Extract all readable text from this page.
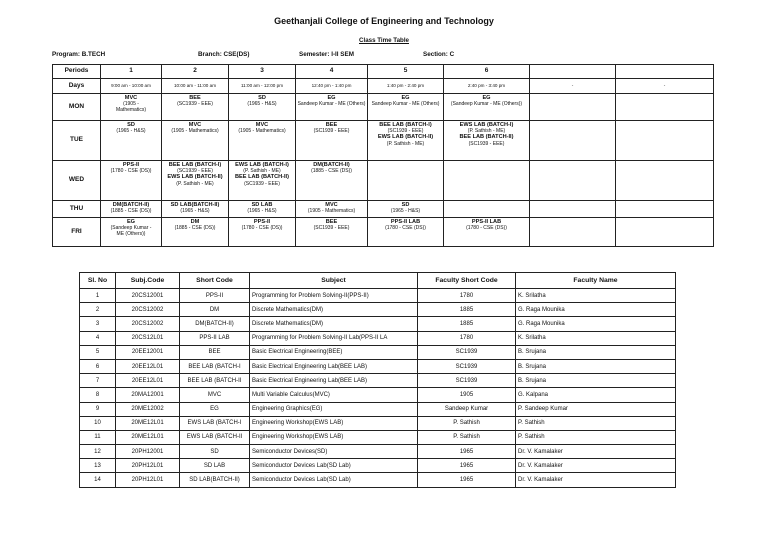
Geethanjali College of Engineering and Technology
Class Time Table
Program: B.TECH	Branch: CSE(DS)	Semester: I-II SEM	Section: C
Periods	1	2	3	4	5	6		
Days	9:00 am - 10:00 am	10:00 am - 11:00 am	11:00 am - 12:00 pm	12:40 pm - 1:40 pm	1:40 pm - 2:40 pm	2:40 pm - 3:40 pm	-	-
MON	MVC
(1905 -
Mathematics)	BEE
(SC1939 - EEE)	SD
(1965 - H&S)	EG
Sandeep Kumar - ME (Others)	EG
Sandeep Kumar - ME (Others)	EG
(Sandeep Kumar - ME (Others))		

TUE	SD
(1965 - H&S)	MVC
(1905 - Mathematics)	MVC
(1905 - Mathematics)	BEE
(SC1939 - EEE)	BEE LAB (BATCH-I)
(SC1939 - EEE)
EWS LAB (BATCH-II)
(P. Sathish - ME)	EWS LAB (BATCH-I)
(P. Sathish - ME)
BEE LAB (BATCH-II)
(SC1939 - EEE)		

WED	PPS-II
(1780 - CSE (DS))	BEE LAB (BATCH-I)
(SC1939 - EEE)
EWS LAB (BATCH-II)
(P. Sathish - ME)	EWS LAB (BATCH-I)
(P. Sathish - ME)
BEE LAB (BATCH-II)
(SC1939 - EEE)	DM(BATCH-II)
(1885 - CSE (DS))				

THU	DM(BATCH-II)
(1885 - CSE (DS))	SD LAB(BATCH-II)
(1965 - H&S)	SD LAB
(1965 - H&S)	MVC
(1905 - Mathematics)	SD
(1965 - H&S)			

FRI	EG
(Sandeep Kumar -
ME (Others))	DM
(1885 - CSE (DS))	PPS-II
(1780 - CSE (DS))	BEE
(SC1939 - EEE)	PPS-II LAB
(1780 - CSE (DS))	PPS-II LAB
(1780 - CSE (DS))		

Sl. No	Subj.Code	Short Code	Subject	Faculty Short Code	Faculty Name
1	20CS12001	PPS-II	Programming for Problem Solving-II(PPS-II)	1780	K. Srilatha
2	20CS12002	DM	Discrete Mathematics(DM)	1885	G. Raga Mounika
3	20CS12002	DM(BATCH-II)	Discrete Mathematics(DM)	1885	G. Raga Mounika
4	20CS12L01	PPS-II LAB	Programming for Problem Solving-II Lab(PPS-II LA	1780	K. Srilatha
5	20EE12001	BEE	Basic Electrical Engineering(BEE)	SC1939	B. Srujana
6	20EE12L01	BEE LAB (BATCH-I	Basic Electrical Engineering Lab(BEE LAB)	SC1939	B. Srujana
7	20EE12L01	BEE LAB (BATCH-II	Basic Electrical Engineering Lab(BEE LAB)	SC1939	B. Srujana
8	20MA12001	MVC	Multi Variable Calculus(MVC)	1905	G. Kalpana
9	20ME12002	EG	Engineering Graphics(EG)	Sandeep Kumar	P. Sandeep Kumar
10	20ME12L01	EWS LAB (BATCH-I	Engineering Workshop(EWS LAB)	P. Sathish	P. Sathish
11	20ME12L01	EWS LAB (BATCH-II	Engineering Workshop(EWS LAB)	P. Sathish	P. Sathish
12	20PH12001	SD	Semiconductor Devices(SD)	1965	Dr. V. Kamalaker
13	20PH12L01	SD LAB	Semiconductor Devices Lab(SD Lab)	1965	Dr. V. Kamalaker
14	20PH12L01	SD LAB(BATCH-II)	Semiconductor Devices Lab(SD Lab)	1965	Dr. V. Kamalaker
